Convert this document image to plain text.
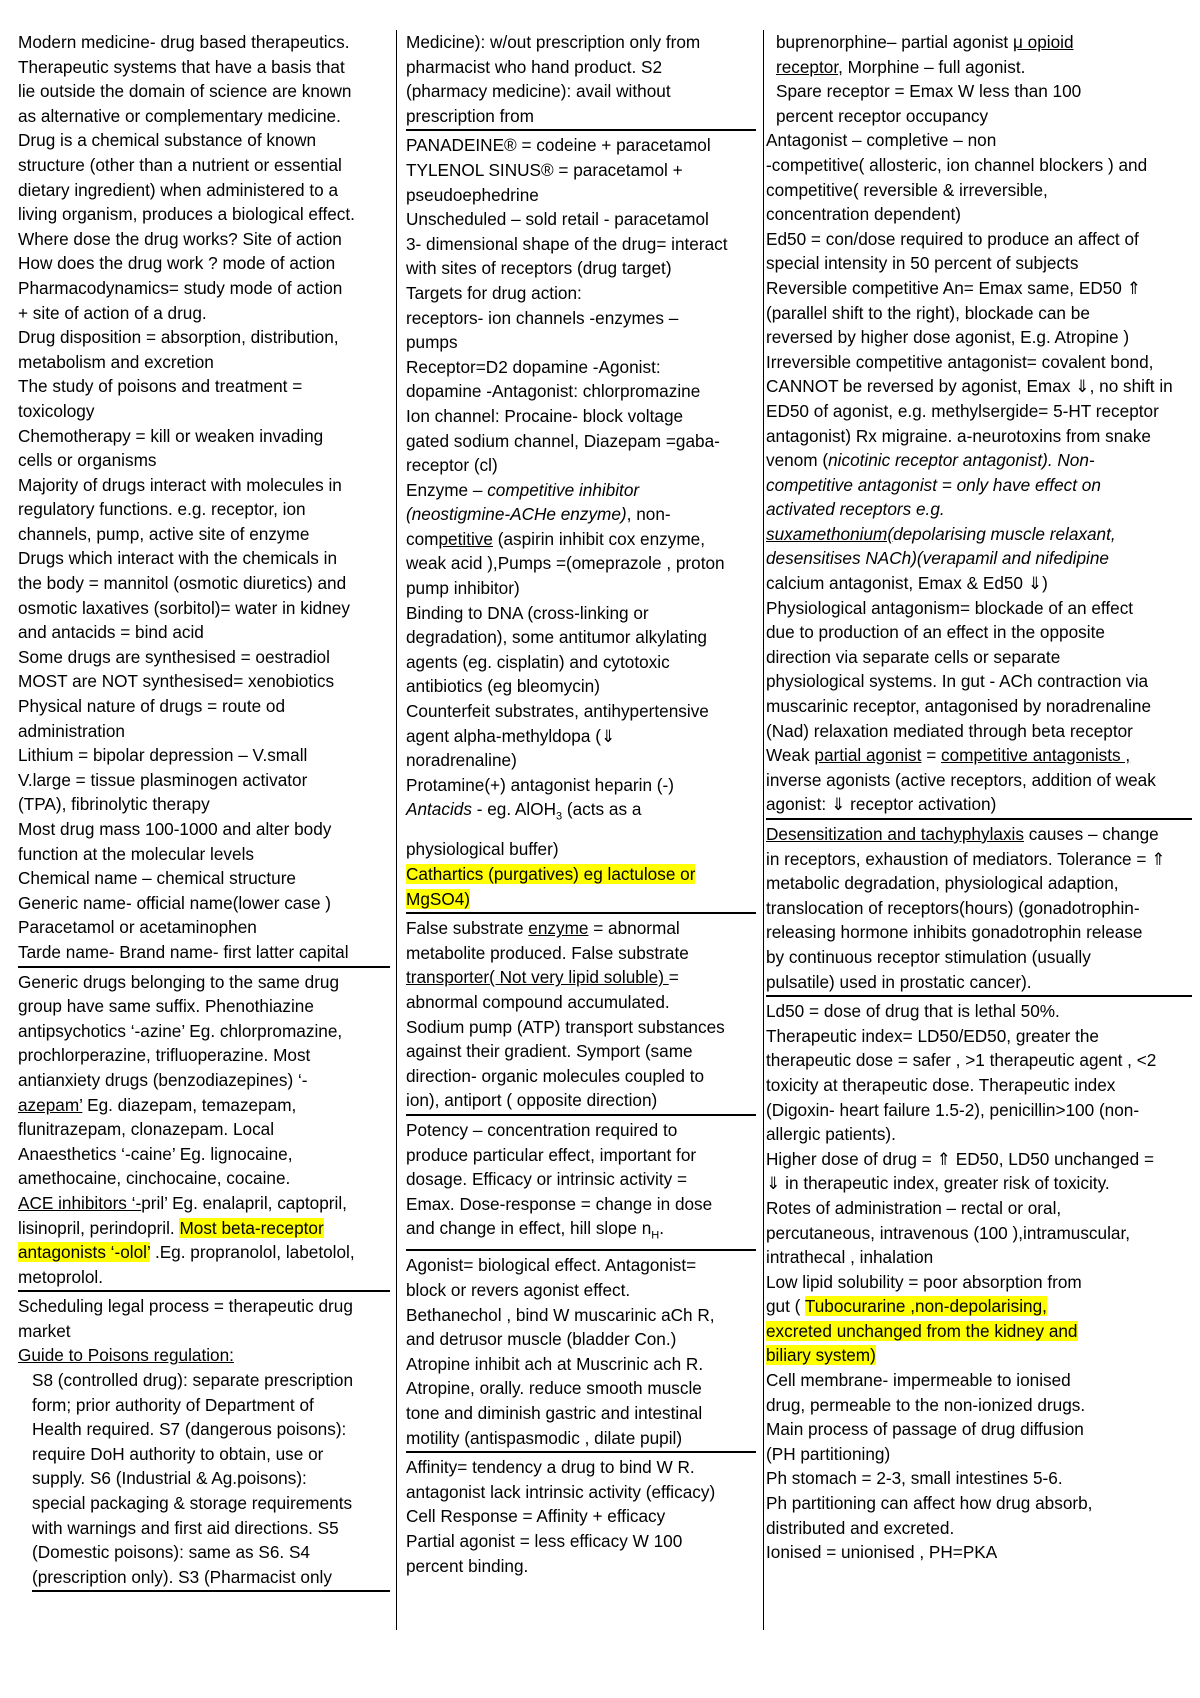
Modern medicine- drug based therapeutics.
Therapeutic systems that have a basis that
lie outside the domain of science are known
as alternative or complementary medicine.
Drug is a chemical substance of known
structure (other than a nutrient or essential
dietary ingredient) when administered to a
living organism, produces a biological effect.
Where dose the drug works? Site of action
How does the drug work ? mode of action
Pharmacodynamics= study mode of action
+ site of action of a drug.
Drug disposition = absorption, distribution,
metabolism and excretion
The study of poisons and treatment =
toxicology
Chemotherapy = kill or weaken invading
cells or organisms
Majority of drugs interact with molecules in
regulatory functions. e.g. receptor, ion
channels, pump, active site of enzyme
Drugs which interact with the chemicals in
the body = mannitol (osmotic diuretics) and
osmotic laxatives (sorbitol)= water in kidney
and antacids = bind acid
Some drugs are synthesised = oestradiol
MOST are NOT synthesised= xenobiotics
Physical nature of drugs = route od
administration
Lithium = bipolar depression – V.small
V.large = tissue plasminogen activator
(TPA), fibrinolytic therapy
Most drug mass 100-1000 and alter body
function at the molecular levels
Chemical name – chemical structure
Generic name- official name(lower case )
Paracetamol or acetaminophen
Tarde name- Brand name- first latter capital
Generic drugs belonging to the same drug
group have same suffix. Phenothiazine
antipsychotics ‘-azine’ Eg. chlorpromazine,
prochlorperazine, trifluoperazine. Most
antianxiety drugs (benzodiazepines) ‘-
azepam’ Eg. diazepam, temazepam,
flunitrazepam, clonazepam. Local
Anaesthetics ‘-caine’ Eg. lignocaine,
amethocaine, cinchocaine, cocaine.
ACE inhibitors ‘-pril’ Eg. enalapril, captopril,
lisinopril, perindopril. Most beta-receptor
antagonists ‘-olol’ .Eg. propranolol, labetolol,
metoprolol.
Scheduling legal process = therapeutic drug
market
Guide to Poisons regulation:
S8 (controlled drug): separate prescription
form; prior authority of Department of
Health required. S7 (dangerous poisons):
require DoH authority to obtain, use or
supply. S6 (Industrial & Ag.poisons):
special packaging & storage requirements
with warnings and first aid directions. S5
(Domestic poisons): same as S6. S4
(prescription only). S3 (Pharmacist only
Medicine): w/out prescription only from
pharmacist who hand product. S2
(pharmacy medicine): avail without
prescription from
PANADEINE® = codeine + paracetamol
TYLENOL SINUS® = paracetamol +
pseudoephedrine
Unscheduled – sold retail - paracetamol
3- dimensional shape of the drug= interact
with sites of receptors (drug target)
Targets for drug action:
receptors- ion channels -enzymes –
pumps
Receptor=D2 dopamine -Agonist:
dopamine -Antagonist: chlorpromazine
Ion channel: Procaine- block voltage
gated sodium channel, Diazepam =gaba-
receptor (cl)
Enzyme – competitive inhibitor
(neostigmine-ACHe enzyme), non-
competitive (aspirin inhibit cox enzyme,
weak acid ),Pumps =(omeprazole , proton
pump inhibitor)
Binding to DNA (cross-linking or
degradation), some antitumor alkylating
agents (eg. cisplatin) and cytotoxic
antibiotics (eg bleomycin)
Counterfeit substrates, antihypertensive
agent alpha-methyldopa (⇓
noradrenaline)
Protamine(+) antagonist heparin (-)
Antacids - eg. AlOH$_3$ (acts as a
physiological buffer)
Cathartics (purgatives) eg lactulose or
MgSO4)
False substrate enzyme = abnormal
metabolite produced. False substrate
transporter( Not very lipid soluble) =
abnormal compound accumulated.
Sodium pump (ATP) transport substances
against their gradient. Symport (same
direction- organic molecules coupled to
ion), antiport ( opposite direction)
Potency – concentration required to
produce particular effect, important for
dosage. Efficacy or intrinsic activity =
Emax. Dose-response = change in dose
and change in effect, hill slope $n_H$.
Agonist= biological effect. Antagonist=
block or revers agonist effect.
Bethanechol , bind W muscarinic aCh R,
and detrusor muscle (bladder Con.)
Atropine inhibit ach at Muscrinic ach R.
Atropine, orally. reduce smooth muscle
tone and diminish gastric and intestinal
motility (antispasmodic , dilate pupil)
Affinity= tendency a drug to bind W R.
antagonist lack intrinsic activity (efficacy)
Cell Response = Affinity + efficacy
Partial agonist = less efficacy W 100
percent binding.
buprenorphine– partial agonist μ opioid
receptor, Morphine – full agonist.
Spare receptor = Emax W less than 100
percent receptor occupancy
Antagonist – completive – non
-competitive( allosteric, ion channel blockers ) and
competitive( reversible & irreversible,
concentration dependent)
Ed50 = con/dose required to produce an affect of
special intensity in 50 percent of subjects
Reversible competitive An= Emax same, ED50 ⇑
(parallel shift to the right), blockade can be
reversed by higher dose agonist, E.g. Atropine )
Irreversible competitive antagonist= covalent bond,
CANNOT be reversed by agonist, Emax ⇓, no shift in
ED50 of agonist, e.g. methylsergide= 5-HT receptor
antagonist) Rx migraine. a-neurotoxins from snake
venom (nicotinic receptor antagonist). Non-
competitive antagonist = only have effect on
activated receptors e.g.
suxamethonium(depolarising muscle relaxant,
desensitises NACh)(verapamil and nifedipine
calcium antagonist, Emax & Ed50 ⇓)
Physiological antagonism= blockade of an effect
due to production of an effect in the opposite
direction via separate cells or separate
physiological systems. In gut - ACh contraction via
muscarinic receptor, antagonised by noradrenaline
(Nad) relaxation mediated through beta receptor
Weak partial agonist = competitive antagonists ,
inverse agonists (active receptors, addition of weak
agonist: ⇓ receptor activation)
Desensitization and tachyphylaxis causes – change
in receptors, exhaustion of mediators. Tolerance = ⇑
metabolic degradation, physiological adaption,
translocation of receptors(hours) (gonadotrophin-
releasing hormone inhibits gonadotrophin release
by continuous receptor stimulation (usually
pulsatile) used in prostatic cancer).
Ld50 = dose of drug that is lethal 50%.
Therapeutic index= LD50/ED50, greater the
therapeutic dose = safer , >1 therapeutic agent , <2
toxicity at therapeutic dose. Therapeutic index
(Digoxin- heart failure 1.5-2), penicillin>100 (non-
allergic patients).
Higher dose of drug = ⇑ ED50, LD50 unchanged =
⇓ in therapeutic index, greater risk of toxicity.
Rotes of administration – rectal or oral,
percutaneous, intravenous (100 ),intramuscular,
intrathecal , inhalation
Low lipid solubility = poor absorption from
gut ( Tubocurarine ,non-depolarising,
excreted unchanged from the kidney and
biliary system)
Cell membrane- impermeable to ionised
drug, permeable to the non-ionized drugs.
Main process of passage of drug diffusion
(PH partitioning)
Ph stomach = 2-3, small intestines 5-6.
Ph partitioning can affect how drug absorb,
distributed and excreted.
Ionised = unionised , PH=PKA
